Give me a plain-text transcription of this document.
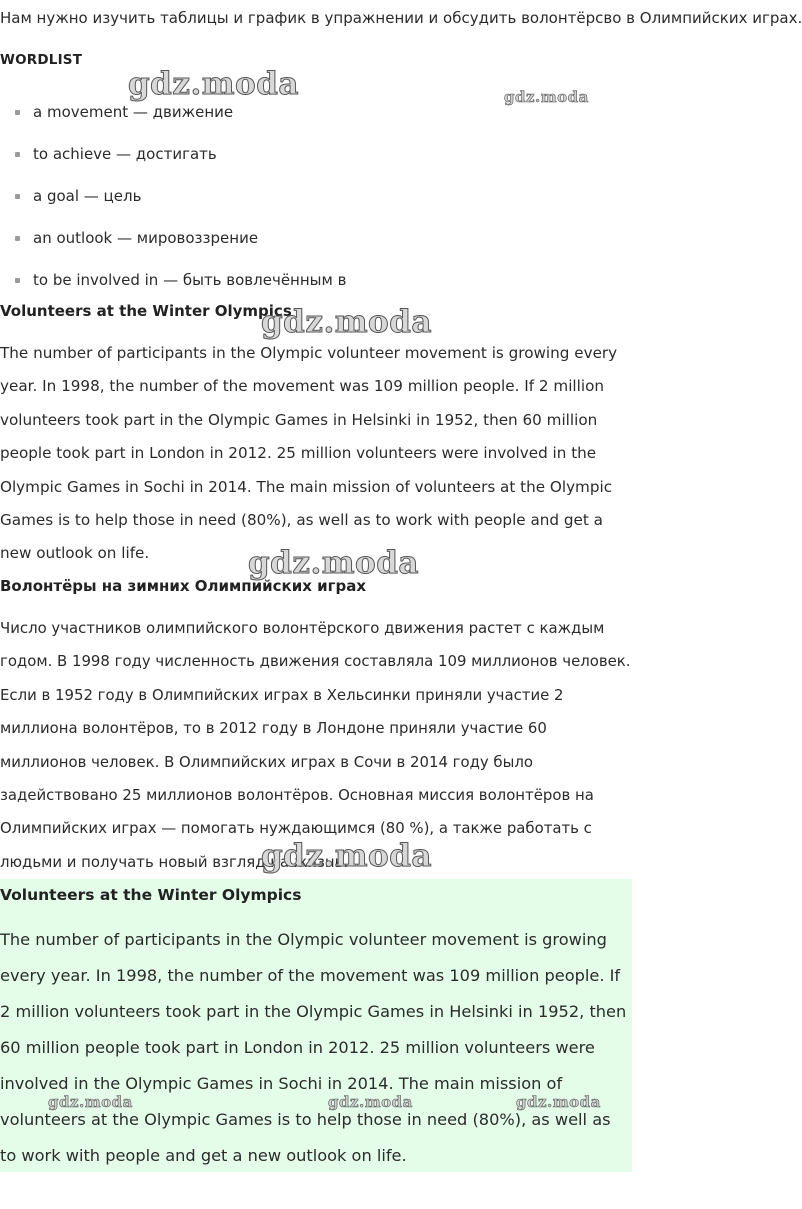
Нам нужно изучить таблицы и график в упражнении и обсудить волонтёрсво в Олимпийских играх.
WORDLIST
a movement — движение
to achieve — достигать
a goal — цель
an outlook — мировоззрение
to be involved in — быть вовлечённым в
Volunteers at the Winter Olympics

The number of participants in the Olympic volunteer movement is growing every year. In 1998, the number of the movement was 109 million people. If 2 million volunteers took part in the Olympic Games in Helsinki in 1952, then 60 million people took part in London in 2012. 25 million volunteers were involved in the Olympic Games in Sochi in 2014. The main mission of volunteers at the Olympic Games is to help those in need (80%), as well as to work with people and get a new outlook on life.

Волонтёры на зимних Олимпийских играх

Число участников олимпийского волонтёрского движения растет с каждым годом. В 1998 году численность движения составляла 109 миллионов человек. Если в 1952 году в Олимпийских играх в Хельсинки приняли участие 2 миллиона волонтёров, то в 2012 году в Лондоне приняли участие 60 миллионов человек. В Олимпийских играх в Сочи в 2014 году было задействовано 25 миллионов волонтёров. Основная миссия волонтёров на Олимпийских играх — помогать нуждающимся (80 %), а также работать с людьми и получать новый взгляд на жизнь.

Volunteers at the Winter Olympics

The number of participants in the Olympic volunteer movement is growing every year. In 1998, the number of the movement was 109 million people. If 2 million volunteers took part in the Olympic Games in Helsinki in 1952, then 60 million people took part in London in 2012. 25 million volunteers were involved in the Olympic Games in Sochi in 2014. The main mission of volunteers at the Olympic Games is to help those in need (80%), as well as to work with people and get a new outlook on life.

gdz.moda	gdz.moda
gdz.moda
gdz.moda
gdz.moda
gdz.moda	gdz.moda	gdz.moda
